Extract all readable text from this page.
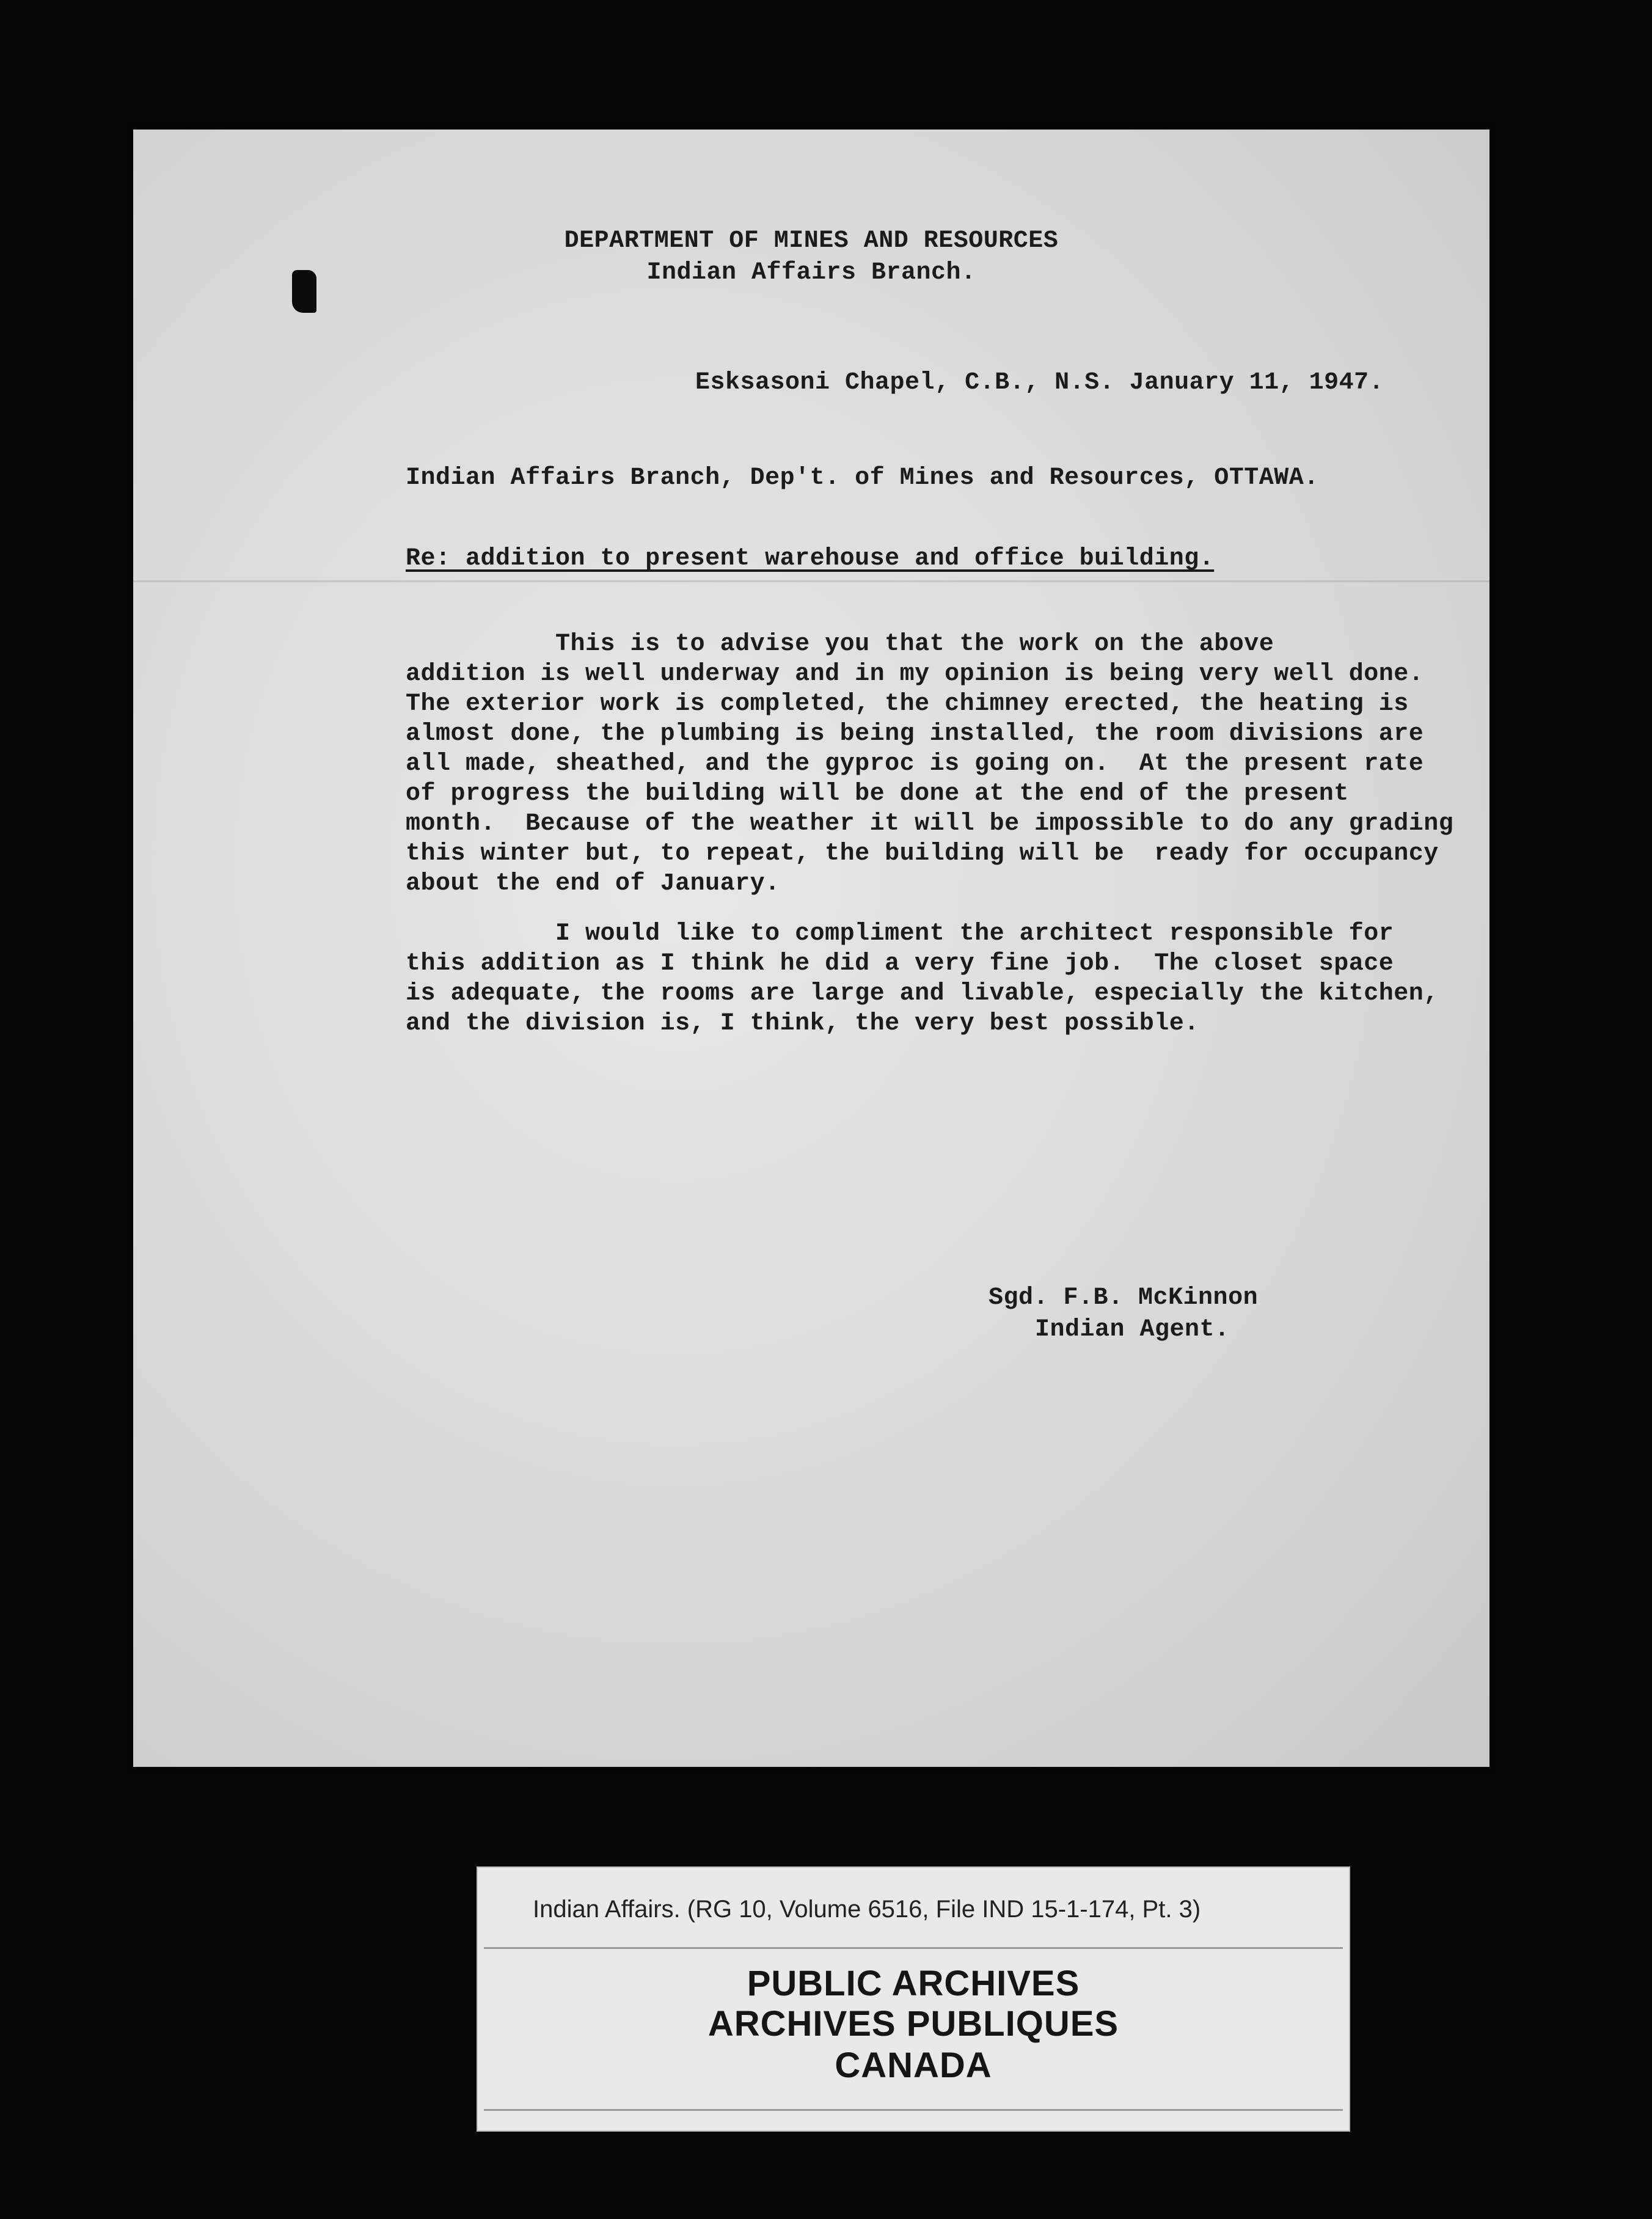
DEPARTMENT OF MINES AND RESOURCES
Indian Affairs Branch.
Esksasoni Chapel, C.B., N.S. January 11, 1947.
Indian Affairs Branch, Dep't. of Mines and Resources, OTTAWA.
Re: addition to present warehouse and office building.
This is to advise you that the work on the above
addition is well underway and in my opinion is being very well done.
The exterior work is completed, the chimney erected, the heating is
almost done, the plumbing is being installed, the room divisions are
all made, sheathed, and the gyproc is going on.  At the present rate
of progress the building will be done at the end of the present
month.  Because of the weather it will be impossible to do any grading
this winter but, to repeat, the building will be  ready for occupancy
about the end of January.
I would like to compliment the architect responsible for
this addition as I think he did a very fine job.  The closet space
is adequate, the rooms are large and livable, especially the kitchen,
and the division is, I think, the very best possible.
Sgd. F.B. McKinnon
Indian Agent.
Indian Affairs. (RG 10, Volume 6516, File IND 15-1-174, Pt. 3)
PUBLIC ARCHIVES
ARCHIVES PUBLIQUES
CANADA
